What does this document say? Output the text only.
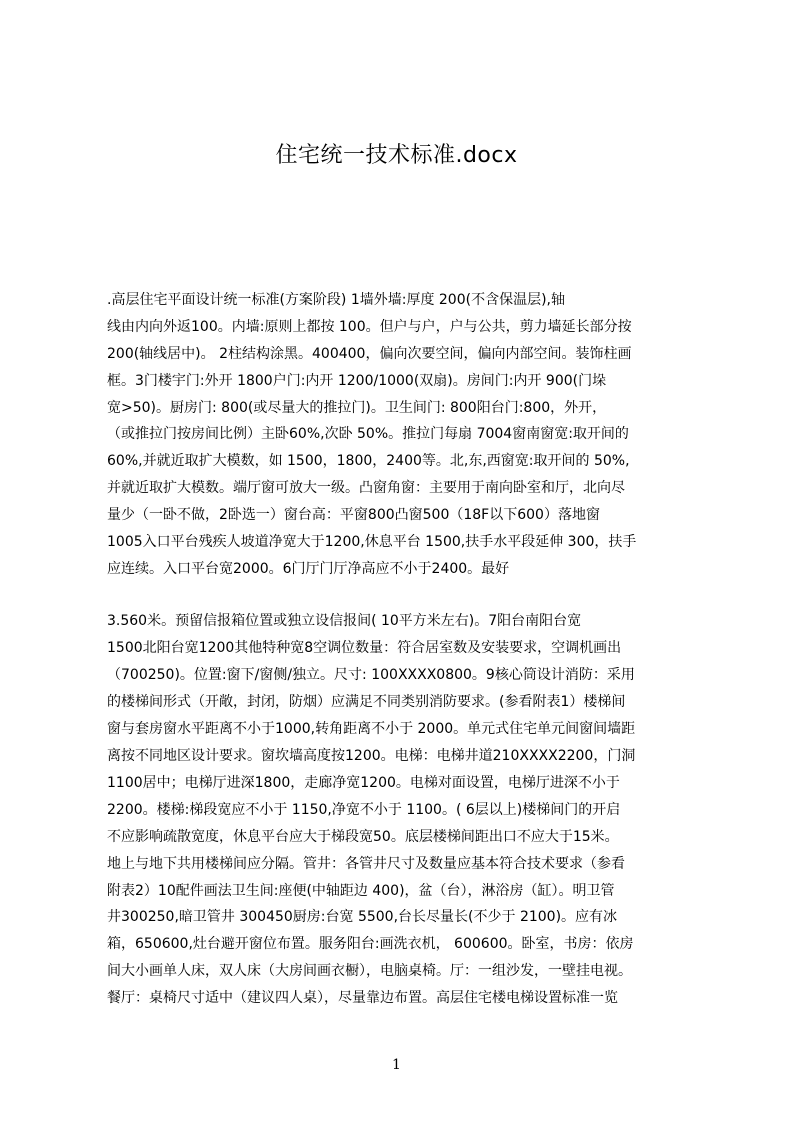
住宅统一技术标准.docx
.高层住宅平面设计统一标准(方案阶段) 1墙外墙:厚度 200(不含保温层),轴
线由内向外返100。内墙:原则上都按 100。但户与户，户与公共，剪力墙延长部分按
200(轴线居中)。 2柱结构涂黑。400400，偏向次要空间，偏向内部空间。装饰柱画
框。3门楼宇门:外开 1800户门:内开 1200/1000(双扇)。房间门:内开 900(门垛
宽>50)。厨房门: 800(或尽量大的推拉门)。卫生间门: 800阳台门:800，外开，
（或推拉门按房间比例）主卧60%,次卧 50%。推拉门每扇 7004窗南窗宽:取开间的
60%,并就近取扩大模数，如 1500，1800，2400等。北,东,西窗宽:取开间的 50%,
并就近取扩大模数。端厅窗可放大一级。凸窗角窗：主要用于南向卧室和厅，北向尽
量少（一卧不做，2卧选一）窗台高：平窗800凸窗500（18F以下600）落地窗
1005入口平台残疾人坡道净宽大于1200,休息平台 1500,扶手水平段延伸 300，扶手
应连续。入口平台宽2000。6门厅门厅净高应不小于2400。最好
3.560米。预留信报箱位置或独立设信报间( 10平方米左右)。7阳台南阳台宽
1500北阳台宽1200其他特种宽8空调位数量：符合居室数及安装要求，空调机画出
（700250)。位置:窗下/窗侧/独立。尺寸: 100XXXX0800。9核心筒设计消防：采用
的楼梯间形式（开敞，封闭，防烟）应满足不同类别消防要求。(参看附表1）楼梯间
窗与套房窗水平距离不小于1000,转角距离不小于 2000。单元式住宅单元间窗间墙距
离按不同地区设计要求。窗坎墙高度按1200。电梯：电梯井道210XXXX2200，门洞
1100居中；电梯厅进深1800，走廊净宽1200。电梯对面设置，电梯厅进深不小于
2200。楼梯:梯段宽应不小于 1150,净宽不小于 1100。( 6层以上)楼梯间门的开启
不应影响疏散宽度，休息平台应大于梯段宽50。底层楼梯间距出口不应大于15米。
地上与地下共用楼梯间应分隔。管井：各管井尺寸及数量应基本符合技术要求（参看
附表2）10配件画法卫生间:座便(中轴距边 400)，盆（台），淋浴房（缸）。明卫管
井300250,暗卫管井 300450厨房:台宽 5500,台长尽量长(不少于 2100)。应有冰
箱，650600,灶台避开窗位布置。服务阳台:画洗衣机， 600600。卧室，书房：依房
间大小画单人床，双人床（大房间画衣橱），电脑桌椅。厅：一组沙发，一壁挂电视。
餐厅：桌椅尺寸适中（建议四人桌），尽量靠边布置。高层住宅楼电梯设置标准一览
1
